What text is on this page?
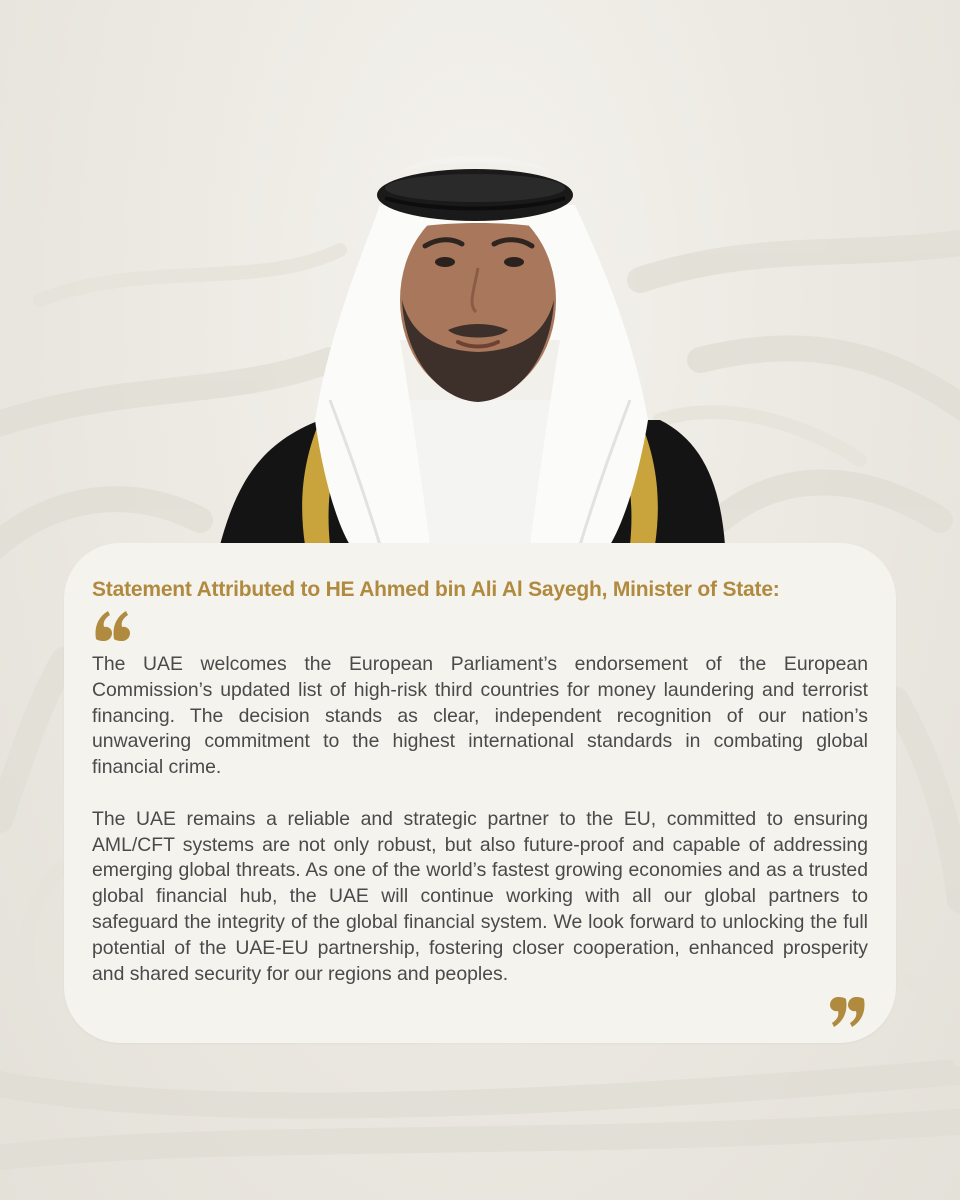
Statement Attributed to HE Ahmed bin Ali Al Sayegh, Minister of State:

The UAE welcomes the European Parliament’s endorsement of the European Commission’s updated list of high-risk third countries for money laundering and terrorist financing. The decision stands as clear, independent recognition of our nation’s unwavering commitment to the highest international standards in combating global financial crime.

The UAE remains a reliable and strategic partner to the EU, committed to ensuring AML/CFT systems are not only robust, but also future-proof and capable of addressing emerging global threats. As one of the world’s fastest growing economies and as a trusted global financial hub, the UAE will continue working with all our global partners to safeguard the integrity of the global financial system. We look forward to unlocking the full potential of the UAE-EU partnership, fostering closer cooperation, enhanced prosperity and shared security for our regions and peoples.
